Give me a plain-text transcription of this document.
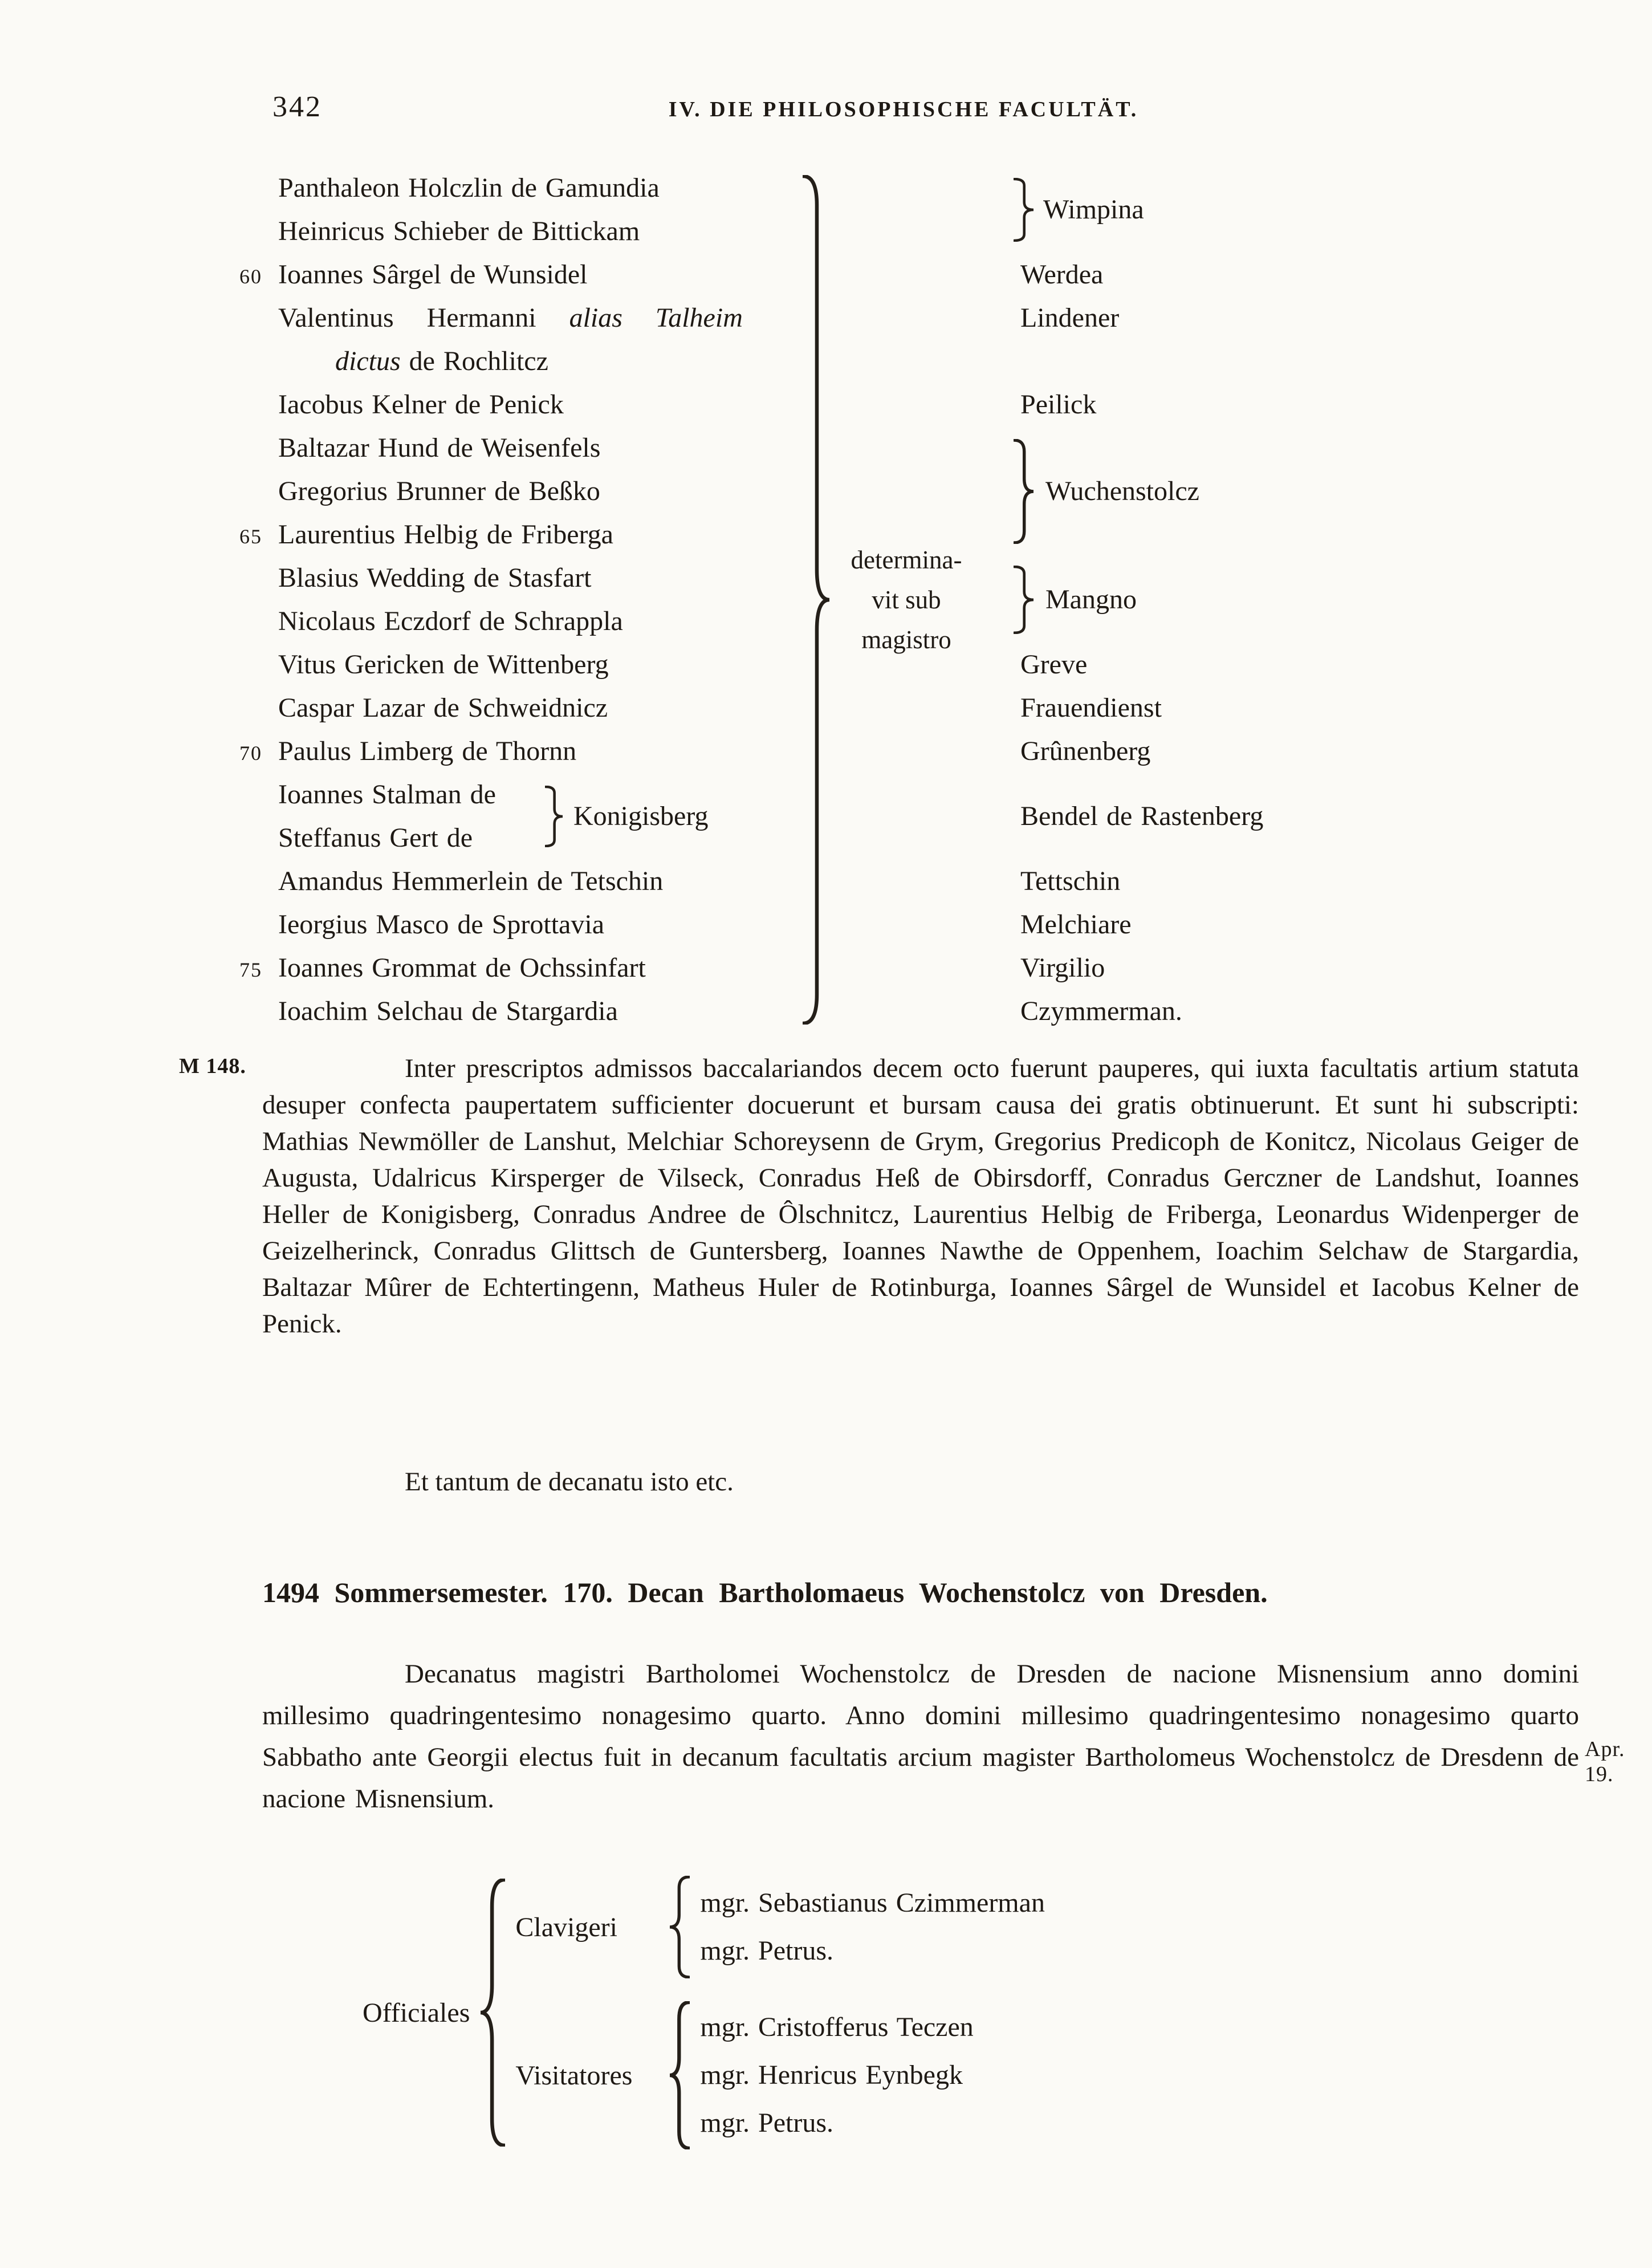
342	IV. DIE PHILOSOPHISCHE FACULTÄT.
Panthaleon Holczlin de Gamundia
Heinricus Schieber de Bittickam
60 Ioannes Sârgel de Wunsidel
Valentinus Hermanni alias Talheim
dictus de Rochlitcz
Iacobus Kelner de Penick
Baltazar Hund de Weisenfels
Gregorius Brunner de Beßko
65 Laurentius Helbig de Friberga
Blasius Wedding de Stasfart
Nicolaus Eczdorf de Schrappla
Vitus Gericken de Wittenberg
Caspar Lazar de Schweidnicz
70 Paulus Limberg de Thornn
Ioannes Stalman de
Steffanus Gert de
Amandus Hemmerlein de Tetschin
Ieorgius Masco de Sprottavia
75 Ioannes Grommat de Ochssinfart
Ioachim Selchau de Stargardia
Konigisberg
determina-
vit sub
magistro
Wimpina
Werdea
Lindener
Peilick
Wuchenstolcz
Mangno
Greve
Frauendienst
Grûnenberg
Bendel de Rastenberg
Tettschin
Melchiare
Virgilio
Czymmerman.
M 148.	Inter prescriptos admissos baccalariandos decem octo fuerunt pauperes, qui iuxta facultatis artium statuta desuper confecta paupertatem sufficienter docuerunt et bursam causa dei gratis obtinuerunt. Et sunt hi subscripti: Mathias Newmöller de Lanshut, Melchiar Schoreysenn de Grym, Gregorius Predicoph de Konitcz, Nicolaus Geiger de Augusta, Udalricus Kirsperger de Vilseck, Conradus Heß de Obirsdorff, Conradus Gerczner de Landshut, Ioannes Heller de Konigisberg, Conradus Andree de Ôlschnitcz, Laurentius Helbig de Friberga, Leonardus Widenperger de Geizelherinck, Conradus Glittsch de Guntersberg, Ioannes Nawthe de Oppenhem, Ioachim Selchaw de Stargardia, Baltazar Mûrer de Echtertingenn, Matheus Huler de Rotinburga, Ioannes Sârgel de Wunsidel et Iacobus Kelner de Penick.
Et tantum de decanatu isto etc.
1494 Sommersemester. 170. Decan Bartholomaeus Wochenstolcz von Dresden.
Decanatus magistri Bartholomei Wochenstolcz de Dresden de nacione Misnensium anno domini millesimo quadringentesimo nonagesimo quarto. Anno domini millesimo quadringentesimo nonagesimo quarto Sabbatho ante Georgii electus fuit in decanum facultatis arcium magister Bartholomeus Wochenstolcz de Dresdenn de nacione Misnensium.
Apr. 19.
Officiales
Clavigeri
mgr. Sebastianus Czimmerman
mgr. Petrus.
Visitatores
mgr. Cristofferus Teczen
mgr. Henricus Eynbegk
mgr. Petrus.
